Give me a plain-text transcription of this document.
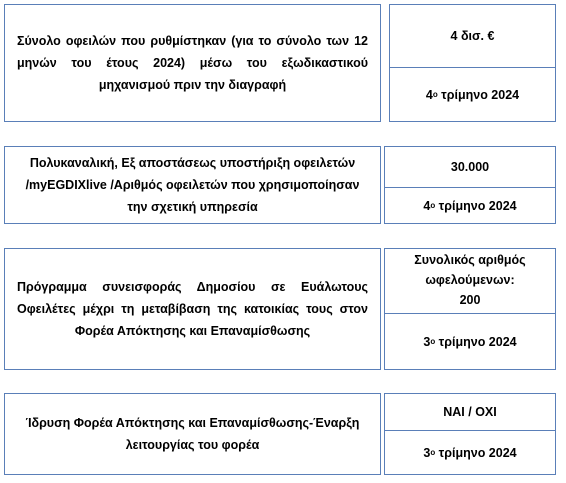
Σύνολο οφειλών που ρυθμίστηκαν (για το σύνολο των 12 μηνών του έτους 2024) μέσω του εξωδικαστικού μηχανισμού πριν την διαγραφή
4 δισ. €
4 ο τρίμηνο 2024
Πολυκαναλική, Εξ αποστάσεως υποστήριξη οφειλετών /myEGDIXlive /Αριθμός οφειλετών που χρησιμοποίησαν την σχετική υπηρεσία
30.000
4 ο τρίμηνο 2024
Πρόγραμμα συνεισφοράς Δημοσίου σε Ευάλωτους Οφειλέτες μέχρι τη μεταβίβαση της κατοικίας τους στον Φορέα Απόκτησης και Επαναμίσθωσης
Συνολικός αριθμός
ωφελούμενων:
200
3 ο τρίμηνο 2024
Ίδρυση Φορέα Απόκτησης και Επαναμίσθωσης-Έναρξη λειτουργίας του φορέα
ΝΑΙ / ΟΧΙ
3 ο τρίμηνο 2024
